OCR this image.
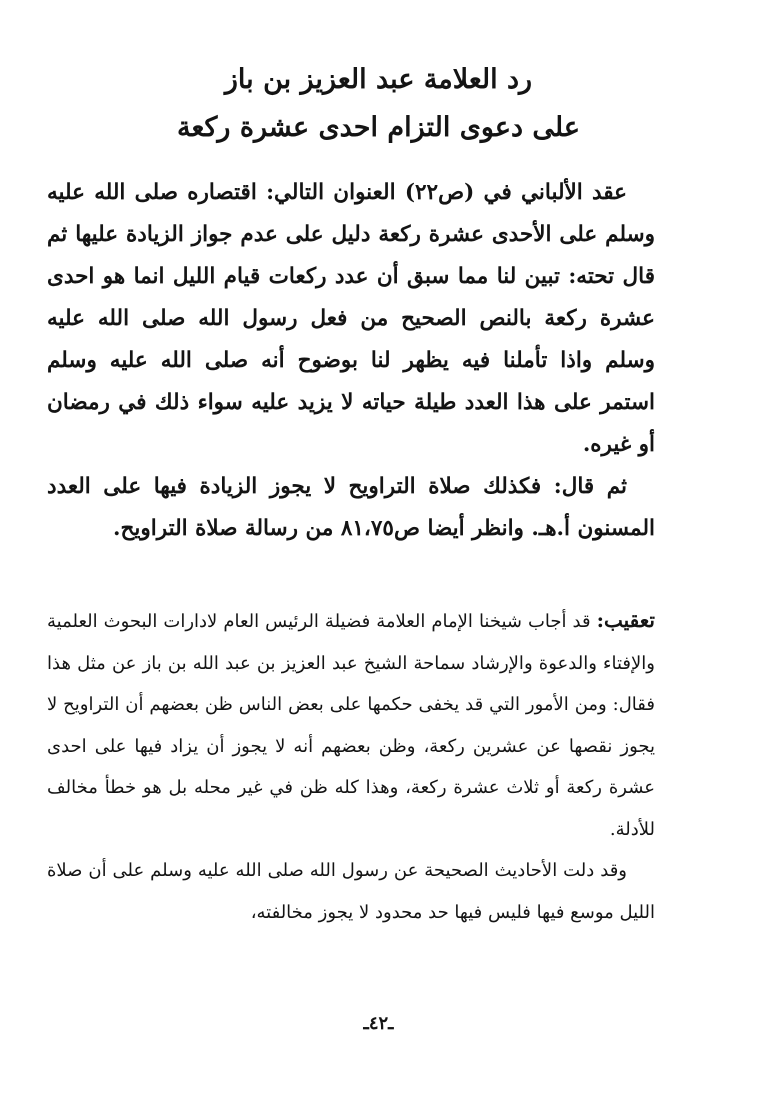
رد العلامة عبد العزيز بن باز
على دعوى التزام احدى عشرة ركعة

عقد الألباني في (ص٢٢) العنوان التالي: اقتصاره صلى الله عليه وسلم على الأحدى عشرة ركعة دليل على عدم جواز الزيادة عليها ثم قال تحته: تبين لنا مما سبق أن عدد ركعات قيام الليل انما هو احدى عشرة ركعة بالنص الصحيح من فعل رسول الله صلى الله عليه وسلم واذا تأملنا فيه يظهر لنا بوضوح أنه صلى الله عليه وسلم استمر على هذا العدد طيلة حياته لا يزيد عليه سواء ذلك في رمضان أو غيره.

ثم قال: فكذلك صلاة التراويح لا يجوز الزيادة فيها على العدد المسنون أ.هـ. وانظر أيضا ص٨١،٧٥ من رسالة صلاة التراويح.

تعقيب: قد أجاب شيخنا الإمام العلامة فضيلة الرئيس العام لادارات البحوث العلمية والإفتاء والدعوة والإرشاد سماحة الشيخ عبد العزيز بن عبد الله بن باز عن مثل هذا فقال: ومن الأمور التي قد يخفى حكمها على بعض الناس ظن بعضهم أن التراويح لا يجوز نقصها عن عشرين ركعة، وظن بعضهم أنه لا يجوز أن يزاد فيها على احدى عشرة ركعة أو ثلاث عشرة ركعة، وهذا كله ظن في غير محله بل هو خطأ مخالف للأدلة.

وقد دلت الأحاديث الصحيحة عن رسول الله صلى الله عليه وسلم على أن صلاة الليل موسع فيها فليس فيها حد محدود لا يجوز مخالفته،

ـ٤٢ـ
